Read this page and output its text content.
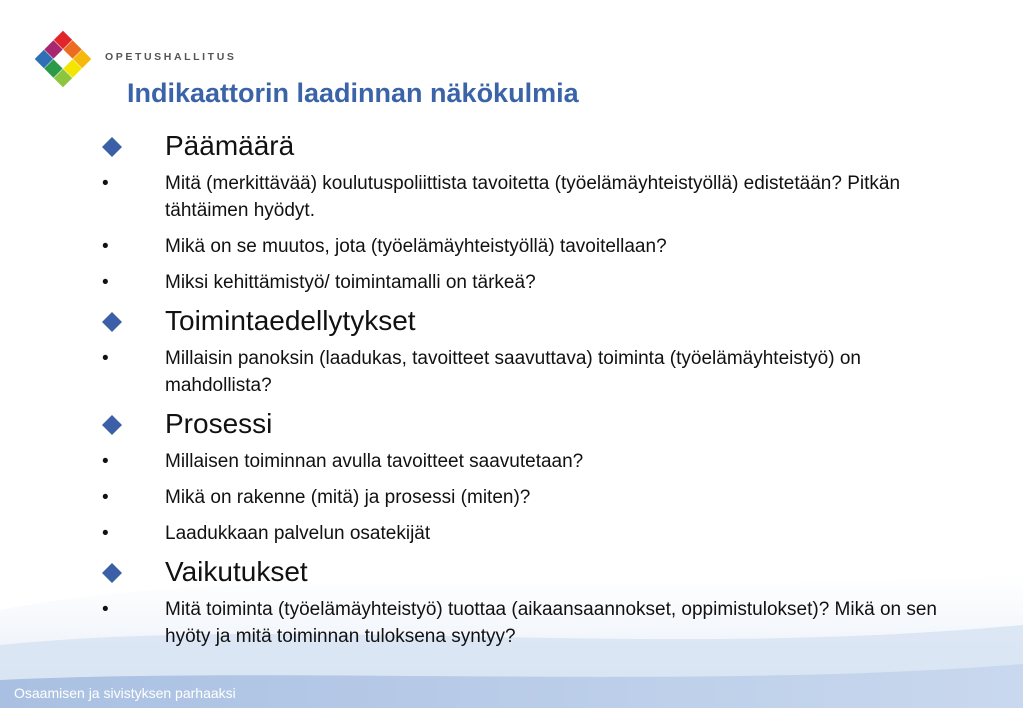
OPETUSHALLITUS
Indikaattorin laadinnan näkökulmia
Päämäärä
•	Mitä (merkittävää) koulutuspoliittista tavoitetta (työelämäyhteistyöllä) edistetään? Pitkän tähtäimen hyödyt.
•	Mikä on se muutos, jota (työelämäyhteistyöllä) tavoitellaan?
•	Miksi kehittämistyö/ toimintamalli on tärkeä?
Toimintaedellytykset
•	Millaisin panoksin (laadukas, tavoitteet saavuttava) toiminta (työelämäyhteistyö) on mahdollista?
Prosessi
•	Millaisen toiminnan avulla tavoitteet saavutetaan?
•	Mikä on rakenne (mitä) ja prosessi (miten)?
•	Laadukkaan palvelun osatekijät
Vaikutukset
•	Mitä toiminta (työelämäyhteistyö) tuottaa (aikaansaannokset, oppimistulokset)? Mikä on sen hyöty ja mitä toiminnan tuloksena syntyy?
Osaamisen ja sivistyksen parhaaksi
